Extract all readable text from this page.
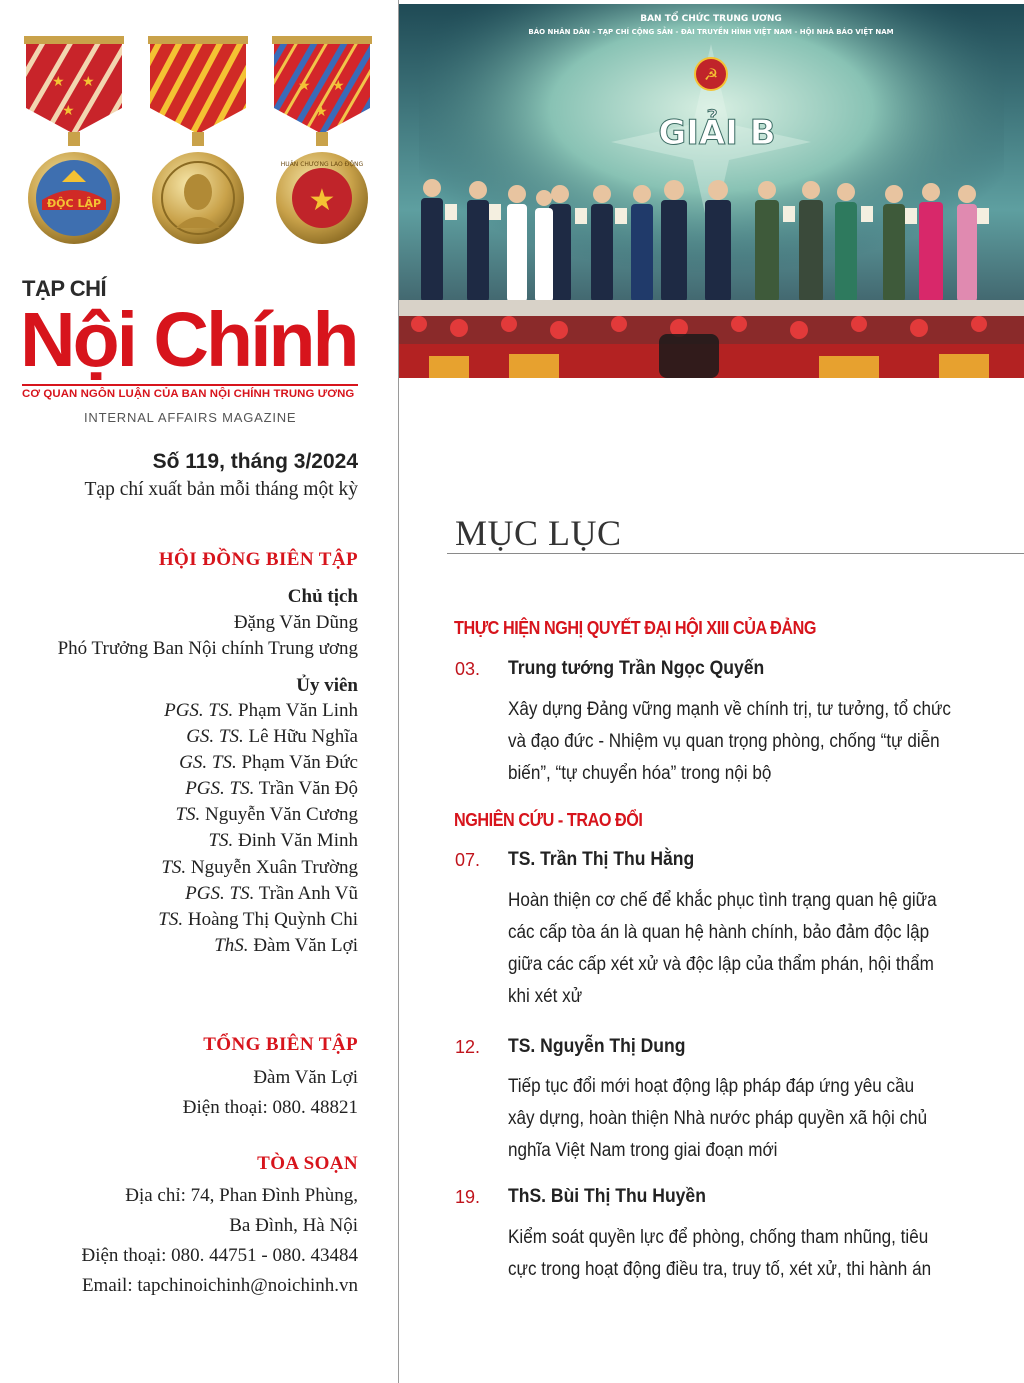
★ ★
★
ĐỘC LẬP
★ ★
★
★
HUÂN CHƯƠNG LAO ĐỘNG
TẠP CHÍ
Nội Chính
CƠ QUAN NGÔN LUẬN CỦA BAN NỘI CHÍNH TRUNG ƯƠNG
INTERNAL AFFAIRS MAGAZINE
Số 119, tháng 3/2024
Tạp chí xuất bản mỗi tháng một kỳ
HỘI ĐỒNG BIÊN TẬP
Chủ tịch
Đặng Văn Dũng
Phó Trưởng Ban Nội chính Trung ương
Ủy viên
PGS. TS. Phạm Văn Linh
GS. TS. Lê Hữu Nghĩa
GS. TS. Phạm Văn Đức
PGS. TS. Trần Văn Độ
TS. Nguyễn Văn Cương
TS. Đinh Văn Minh
TS. Nguyễn Xuân Trường
PGS. TS. Trần Anh Vũ
TS. Hoàng Thị Quỳnh Chi
ThS. Đàm Văn Lợi
TỔNG BIÊN TẬP
Đàm Văn Lợi
Điện thoại: 080. 48821
TÒA SOẠN
Địa chỉ: 74, Phan Đình Phùng,
Ba Đình, Hà Nội
Điện thoại: 080. 44751 - 080. 43484
Email: tapchinoichinh@noichinh.vn
BAN TỔ CHỨC TRUNG ƯƠNG
BÁO NHÂN DÂN - TẠP CHÍ CỘNG SẢN - ĐÀI TRUYỀN HÌNH VIỆT NAM - HỘI NHÀ BÁO VIỆT NAM
☭
GIẢI B
MỤC LỤC
THỰC HIỆN NGHỊ QUYẾT ĐẠI HỘI XIII CỦA ĐẢNG
03. Trung tướng Trần Ngọc Quyến
Xây dựng Đảng vững mạnh về chính trị, tư tưởng, tổ chức
và đạo đức - Nhiệm vụ quan trọng phòng, chống “tự diễn
biến”, “tự chuyển hóa” trong nội bộ
NGHIÊN CỨU - TRAO ĐỔI
07. TS. Trần Thị Thu Hằng
Hoàn thiện cơ chế để khắc phục tình trạng quan hệ giữa
các cấp tòa án là quan hệ hành chính, bảo đảm độc lập
giữa các cấp xét xử và độc lập của thẩm phán, hội thẩm
khi xét xử
12. TS. Nguyễn Thị Dung
Tiếp tục đổi mới hoạt động lập pháp đáp ứng yêu cầu
xây dựng, hoàn thiện Nhà nước pháp quyền xã hội chủ
nghĩa Việt Nam trong giai đoạn mới
19. ThS. Bùi Thị Thu Huyền
Kiểm soát quyền lực để phòng, chống tham nhũng, tiêu
cực trong hoạt động điều tra, truy tố, xét xử, thi hành án
